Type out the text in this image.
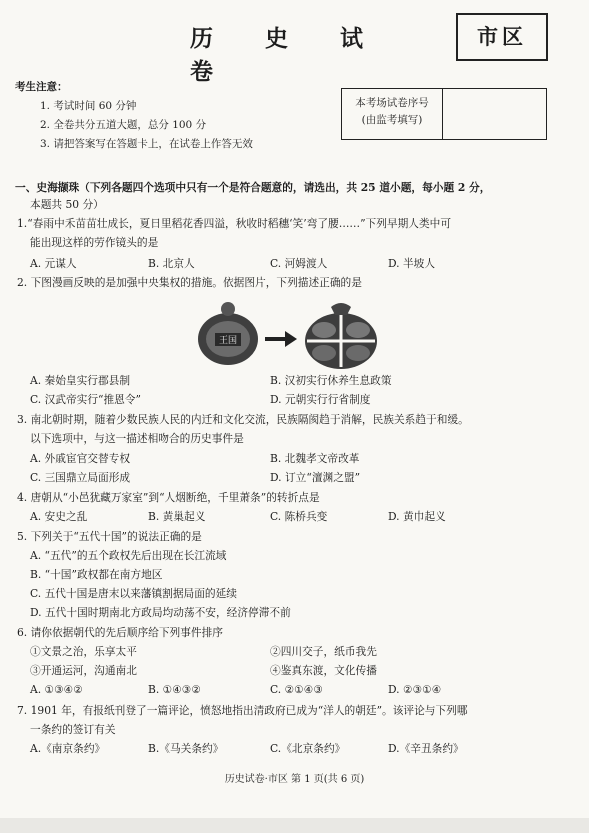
历 史 试 卷
市区
考生注意：
1. 考试时间 60 分钟
2. 全卷共分五道大题，总分 100 分
3. 请把答案写在答题卡上，在试卷上作答无效
本考场试卷序号
(由监考填写)
一、史海撷珠（下列各题四个选项中只有一个是符合题意的，请选出，共 25 道小题，每小题 2 分，
本题共 50 分）
1.“春雨中禾苗苗壮成长，夏日里稻花香四溢，秋收时稻穗‘笑’弯了腰……”下列早期人类中可
能出现这样的劳作镜头的是
A. 元谋人	B. 北京人	C. 河姆渡人	D. 半坡人
2. 下图漫画反映的是加强中央集权的措施。依据图片，下列描述正确的是
王国
A. 秦始皇实行郡县制	B. 汉初实行休养生息政策
C. 汉武帝实行“推恩令”	D. 元朝实行行省制度
3. 南北朝时期，随着少数民族人民的内迁和文化交流，民族隔阂趋于消解，民族关系趋于和缓。
以下选项中，与这一描述相吻合的历史事件是
A. 外戚宦官交替专权	B. 北魏孝文帝改革
C. 三国鼎立局面形成	D. 订立“澶渊之盟”
4. 唐朝从“小邑犹藏万家室”到“人烟断绝，千里萧条”的转折点是
A. 安史之乱	B. 黄巢起义	C. 陈桥兵变	D. 黄巾起义
5. 下列关于“五代十国”的说法正确的是
A. “五代”的五个政权先后出现在长江流域
B. “十国”政权都在南方地区
C. 五代十国是唐末以来藩镇割据局面的延续
D. 五代十国时期南北方政局均动荡不安，经济停滞不前
6. 请你依据朝代的先后顺序给下列事件排序
①文景之治，乐享太平	②四川交子，纸币我先
③开通运河，沟通南北	④鉴真东渡，文化传播
A. ①③④②	B. ①④③②	C. ②①④③	D. ②③①④
7. 1901 年，有报纸刊登了一篇评论，愤怒地指出清政府已成为“洋人的朝廷”。该评论与下列哪
一条约的签订有关
A.《南京条约》	B.《马关条约》	C.《北京条约》	D.《辛丑条约》
历史试卷·市区 第 1 页(共 6 页)
